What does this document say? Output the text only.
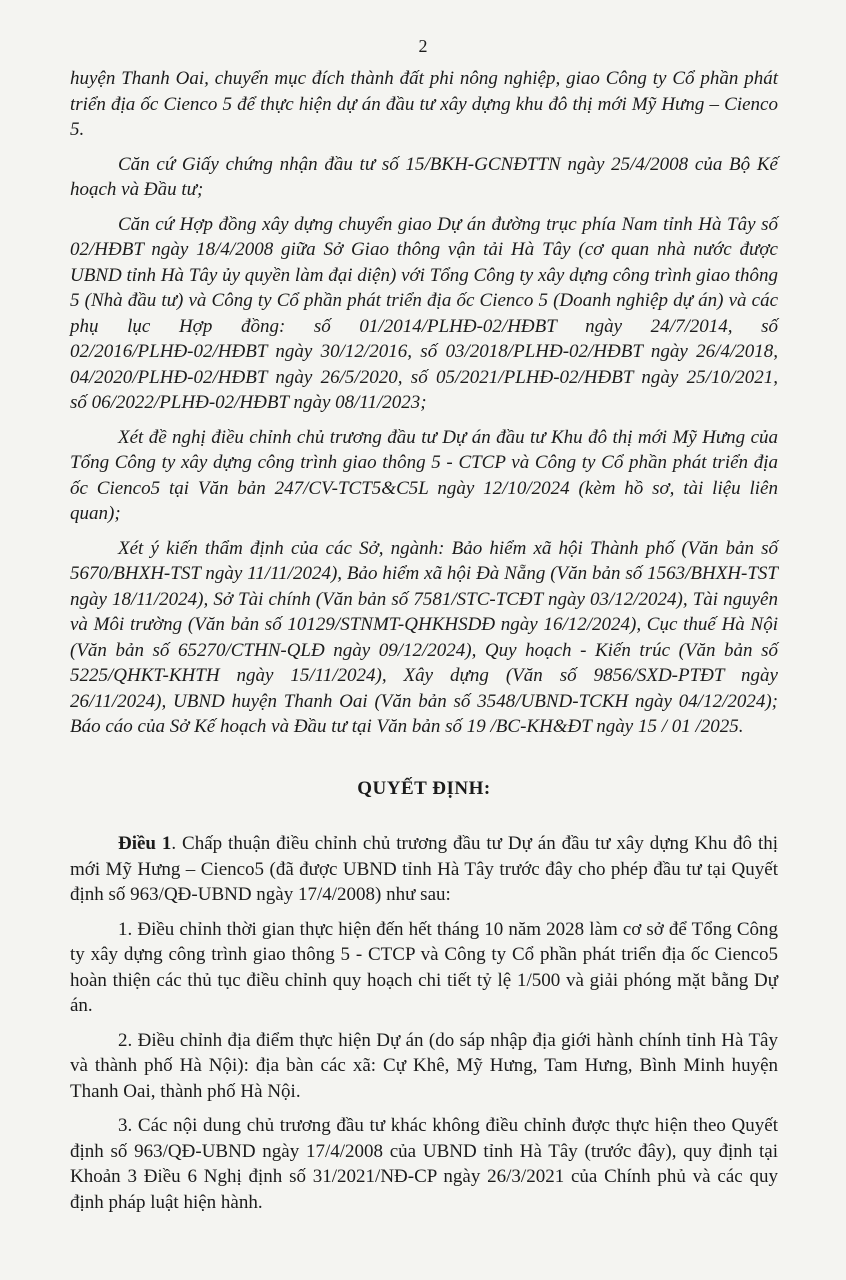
2

huyện Thanh Oai, chuyển mục đích thành đất phi nông nghiệp, giao Công ty Cổ phần phát triển địa ốc Cienco 5 để thực hiện dự án đầu tư xây dựng khu đô thị mới Mỹ Hưng – Cienco 5.

Căn cứ Giấy chứng nhận đầu tư số 15/BKH-GCNĐTTN ngày 25/4/2008 của Bộ Kế hoạch và Đầu tư;

Căn cứ Hợp đồng xây dựng chuyển giao Dự án đường trục phía Nam tỉnh Hà Tây số 02/HĐBT ngày 18/4/2008 giữa Sở Giao thông vận tải Hà Tây (cơ quan nhà nước được UBND tỉnh Hà Tây ủy quyền làm đại diện) với Tổng Công ty xây dựng công trình giao thông 5 (Nhà đầu tư) và Công ty Cổ phần phát triển địa ốc Cienco 5 (Doanh nghiệp dự án) và các phụ lục Hợp đồng: số 01/2014/PLHĐ-02/HĐBT ngày 24/7/2014, số 02/2016/PLHĐ-02/HĐBT ngày 30/12/2016, số 03/2018/PLHĐ-02/HĐBT ngày 26/4/2018, 04/2020/PLHĐ-02/HĐBT ngày 26/5/2020, số 05/2021/PLHĐ-02/HĐBT ngày 25/10/2021, số 06/2022/PLHĐ-02/HĐBT ngày 08/11/2023;

Xét đề nghị điều chỉnh chủ trương đầu tư Dự án đầu tư Khu đô thị mới Mỹ Hưng của Tổng Công ty xây dựng công trình giao thông 5 - CTCP và Công ty Cổ phần phát triển địa ốc Cienco5 tại Văn bản 247/CV-TCT5&C5L ngày 12/10/2024 (kèm hồ sơ, tài liệu liên quan);

Xét ý kiến thẩm định của các Sở, ngành: Bảo hiểm xã hội Thành phố (Văn bản số 5670/BHXH-TST ngày 11/11/2024), Bảo hiểm xã hội Đà Nẵng (Văn bản số 1563/BHXH-TST ngày 18/11/2024), Sở Tài chính (Văn bản số 7581/STC-TCĐT ngày 03/12/2024), Tài nguyên và Môi trường (Văn bản số 10129/STNMT-QHKHSDĐ ngày 16/12/2024), Cục thuế Hà Nội (Văn bản số 65270/CTHN-QLĐ ngày 09/12/2024), Quy hoạch - Kiến trúc (Văn bản số 5225/QHKT-KHTH ngày 15/11/2024), Xây dựng (Văn số 9856/SXD-PTĐT ngày 26/11/2024), UBND huyện Thanh Oai (Văn bản số 3548/UBND-TCKH ngày 04/12/2024); Báo cáo của Sở Kế hoạch và Đầu tư tại Văn bản số 19 /BC-KH&ĐT ngày 15 / 01 /2025.

QUYẾT ĐỊNH:

Điều 1. Chấp thuận điều chỉnh chủ trương đầu tư Dự án đầu tư xây dựng Khu đô thị mới Mỹ Hưng – Cienco5 (đã được UBND tỉnh Hà Tây trước đây cho phép đầu tư tại Quyết định số 963/QĐ-UBND ngày 17/4/2008) như sau:

1. Điều chỉnh thời gian thực hiện đến hết tháng 10 năm 2028 làm cơ sở để Tổng Công ty xây dựng công trình giao thông 5 - CTCP và Công ty Cổ phần phát triển địa ốc Cienco5 hoàn thiện các thủ tục điều chỉnh quy hoạch chi tiết tỷ lệ 1/500 và giải phóng mặt bằng Dự án.

2. Điều chỉnh địa điểm thực hiện Dự án (do sáp nhập địa giới hành chính tỉnh Hà Tây và thành phố Hà Nội): địa bàn các xã: Cự Khê, Mỹ Hưng, Tam Hưng, Bình Minh huyện Thanh Oai, thành phố Hà Nội.

3. Các nội dung chủ trương đầu tư khác không điều chỉnh được thực hiện theo Quyết định số 963/QĐ-UBND ngày 17/4/2008 của UBND tỉnh Hà Tây (trước đây), quy định tại Khoản 3 Điều 6 Nghị định số 31/2021/NĐ-CP ngày 26/3/2021 của Chính phủ và các quy định pháp luật hiện hành.
